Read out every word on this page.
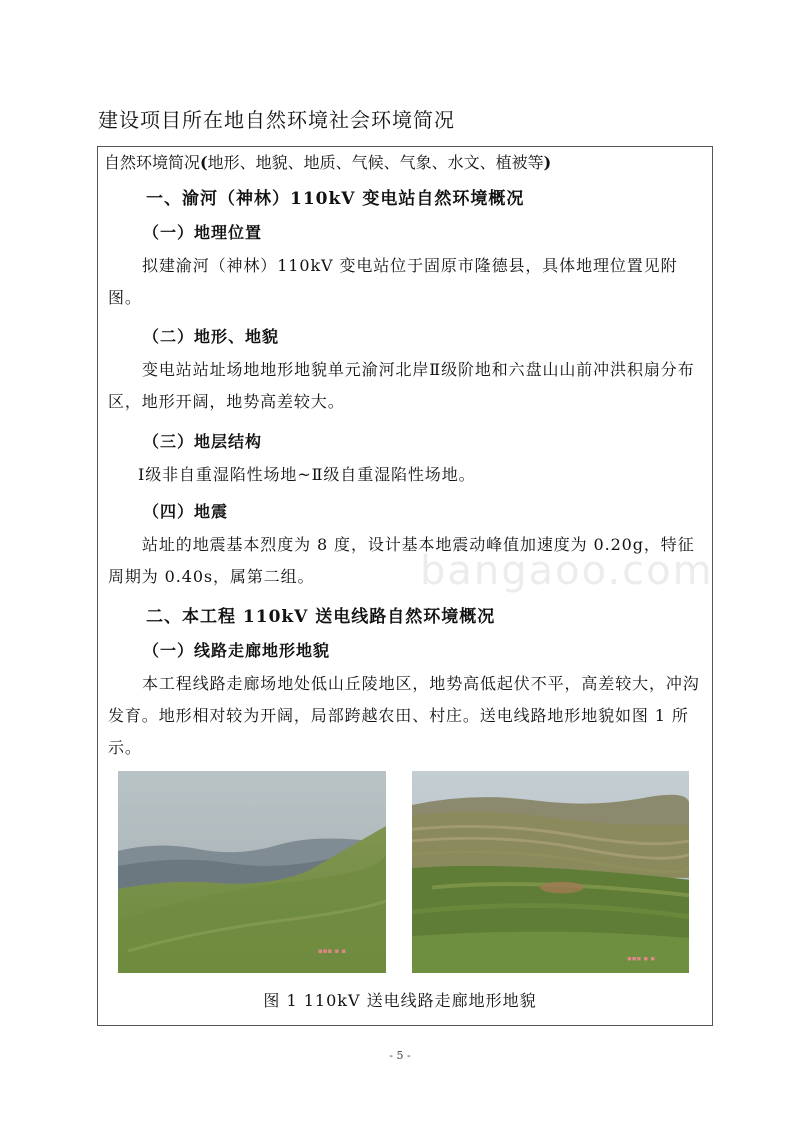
建设项目所在地自然环境社会环境简况
自然环境简况(地形、地貌、地质、气候、气象、水文、植被等)
一、渝河（神林）110kV 变电站自然环境概况
（一）地理位置

拟建渝河（神林）110kV 变电站位于固原市隆德县，具体地理位置见附图。

（二）地形、地貌

变电站站址场地地形地貌单元渝河北岸Ⅱ级阶地和六盘山山前冲洪积扇分布区，地形开阔，地势高差较大。

（三）地层结构

Ⅰ级非自重湿陷性场地~Ⅱ级自重湿陷性场地。

（四）地震

站址的地震基本烈度为 8 度，设计基本地震动峰值加速度为 0.20g，特征周期为 0.40s，属第二组。	bangaoo.com
二、本工程 110kV 送电线路自然环境概况
（一）线路走廊地形地貌

本工程线路走廊场地处低山丘陵地区，地势高低起伏不平，高差较大，冲沟发育。地形相对较为开阔，局部跨越农田、村庄。送电线路地形地貌如图 1 所示。

▪▪▪ ▪ ▪
▪▪▪ ▪ ▪
图 1 110kV 送电线路走廊地形地貌
- 5 -
